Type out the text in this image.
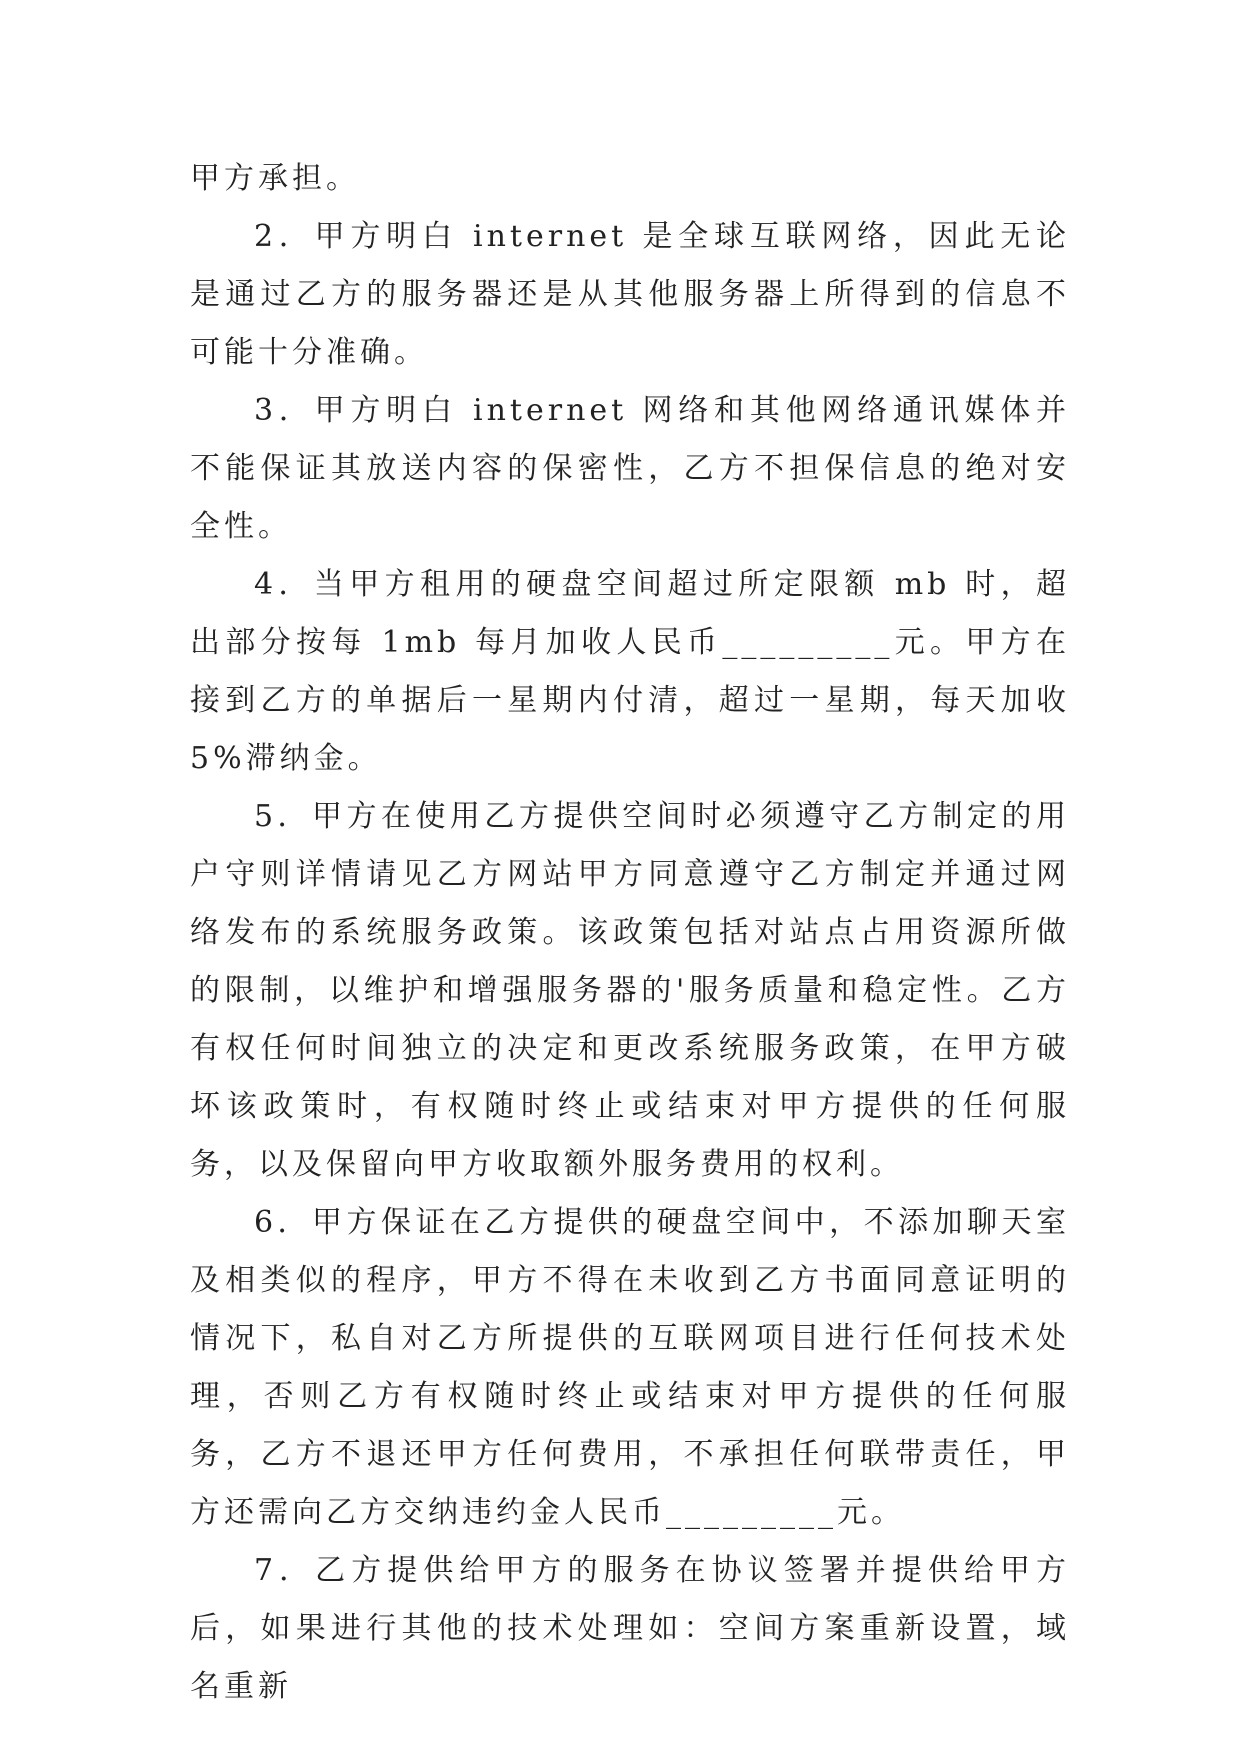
甲方承担。

2．甲方明白 internet 是全球互联网络，因此无论是通过乙方的服务器还是从其他服务器上所得到的信息不可能十分准确。

3．甲方明白 internet 网络和其他网络通讯媒体并不能保证其放送内容的保密性，乙方不担保信息的绝对安全性。

4．当甲方租用的硬盘空间超过所定限额 mb 时，超出部分按每 1mb 每月加收人民币_________元。甲方在接到乙方的单据后一星期内付清，超过一星期，每天加收 5%滞纳金。

5．甲方在使用乙方提供空间时必须遵守乙方制定的用户守则详情请见乙方网站甲方同意遵守乙方制定并通过网络发布的系统服务政策。该政策包括对站点占用资源所做的限制，以维护和增强服务器的'服务质量和稳定性。乙方有权任何时间独立的决定和更改系统服务政策，在甲方破坏该政策时，有权随时终止或结束对甲方提供的任何服务，以及保留向甲方收取额外服务费用的权利。

6．甲方保证在乙方提供的硬盘空间中，不添加聊天室及相类似的程序，甲方不得在未收到乙方书面同意证明的情况下，私自对乙方所提供的互联网项目进行任何技术处理，否则乙方有权随时终止或结束对甲方提供的任何服务，乙方不退还甲方任何费用，不承担任何联带责任，甲方还需向乙方交纳违约金人民币_________元。

7．乙方提供给甲方的服务在协议签署并提供给甲方后，如果进行其他的技术处理如：空间方案重新设置，域名重新
